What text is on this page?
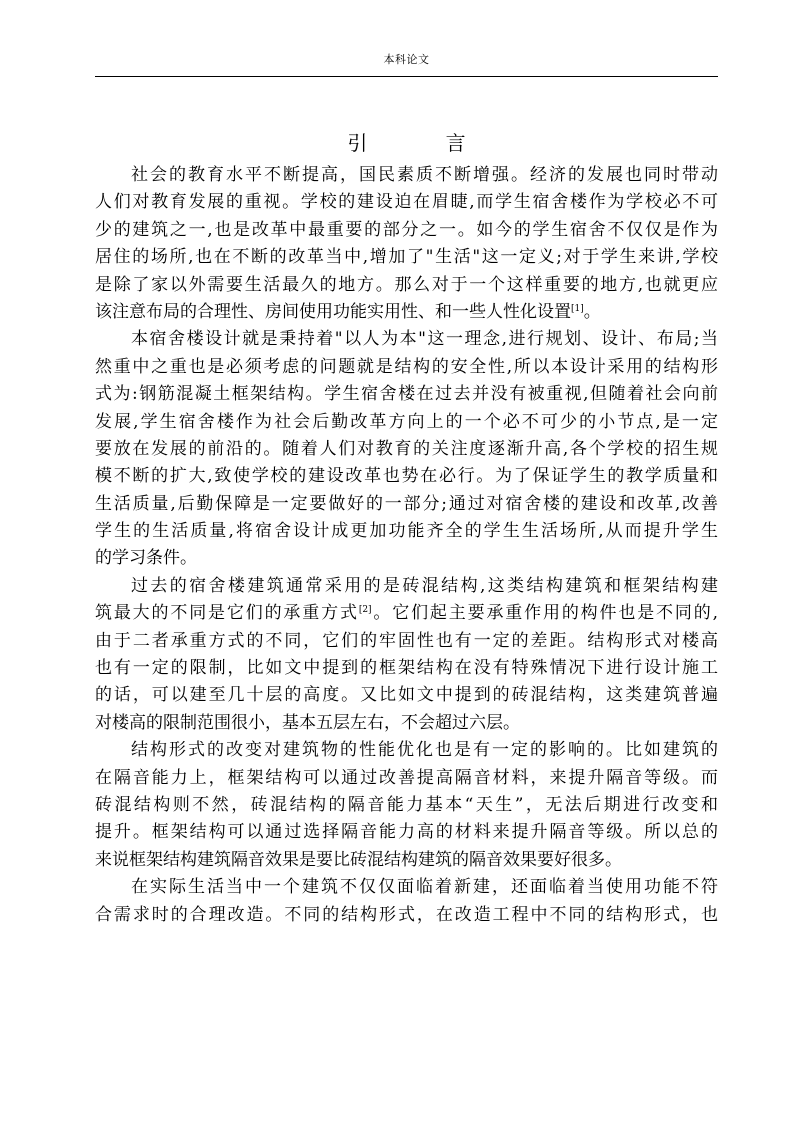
本科论文
引 言
社会的教育水平不断提高，国民素质不断增强。经济的发展也同时带动
人们对教育发展的重视。学校的建设迫在眉睫,而学生宿舍楼作为学校必不可
少的建筑之一,也是改革中最重要的部分之一。如今的学生宿舍不仅仅是作为
居住的场所,也在不断的改革当中,增加了"生活"这一定义;对于学生来讲,学校
是除了家以外需要生活最久的地方。那么对于一个这样重要的地方,也就更应
该注意布局的合理性、房间使用功能实用性、和一些人性化设置[1]。
本宿舍楼设计就是秉持着"以人为本"这一理念,进行规划、设计、布局;当
然重中之重也是必须考虑的问题就是结构的安全性,所以本设计采用的结构形
式为:钢筋混凝土框架结构。学生宿舍楼在过去并没有被重视,但随着社会向前
发展,学生宿舍楼作为社会后勤改革方向上的一个必不可少的小节点,是一定
要放在发展的前沿的。随着人们对教育的关注度逐渐升高,各个学校的招生规
模不断的扩大,致使学校的建设改革也势在必行。为了保证学生的教学质量和
生活质量,后勤保障是一定要做好的一部分;通过对宿舍楼的建设和改革,改善
学生的生活质量,将宿舍设计成更加功能齐全的学生生活场所,从而提升学生
的学习条件。
过去的宿舍楼建筑通常采用的是砖混结构,这类结构建筑和框架结构建
筑最大的不同是它们的承重方式[2]。它们起主要承重作用的构件也是不同的,
由于二者承重方式的不同，它们的牢固性也有一定的差距。结构形式对楼高
也有一定的限制，比如文中提到的框架结构在没有特殊情况下进行设计施工
的话，可以建至几十层的高度。又比如文中提到的砖混结构，这类建筑普遍
对楼高的限制范围很小，基本五层左右，不会超过六层。
结构形式的改变对建筑物的性能优化也是有一定的影响的。比如建筑的
在隔音能力上，框架结构可以通过改善提高隔音材料，来提升隔音等级。而
砖混结构则不然，砖混结构的隔音能力基本“天生”，无法后期进行改变和
提升。框架结构可以通过选择隔音能力高的材料来提升隔音等级。所以总的
来说框架结构建筑隔音效果是要比砖混结构建筑的隔音效果要好很多。
在实际生活当中一个建筑不仅仅面临着新建，还面临着当使用功能不符
合需求时的合理改造。不同的结构形式，在改造工程中不同的结构形式，也
